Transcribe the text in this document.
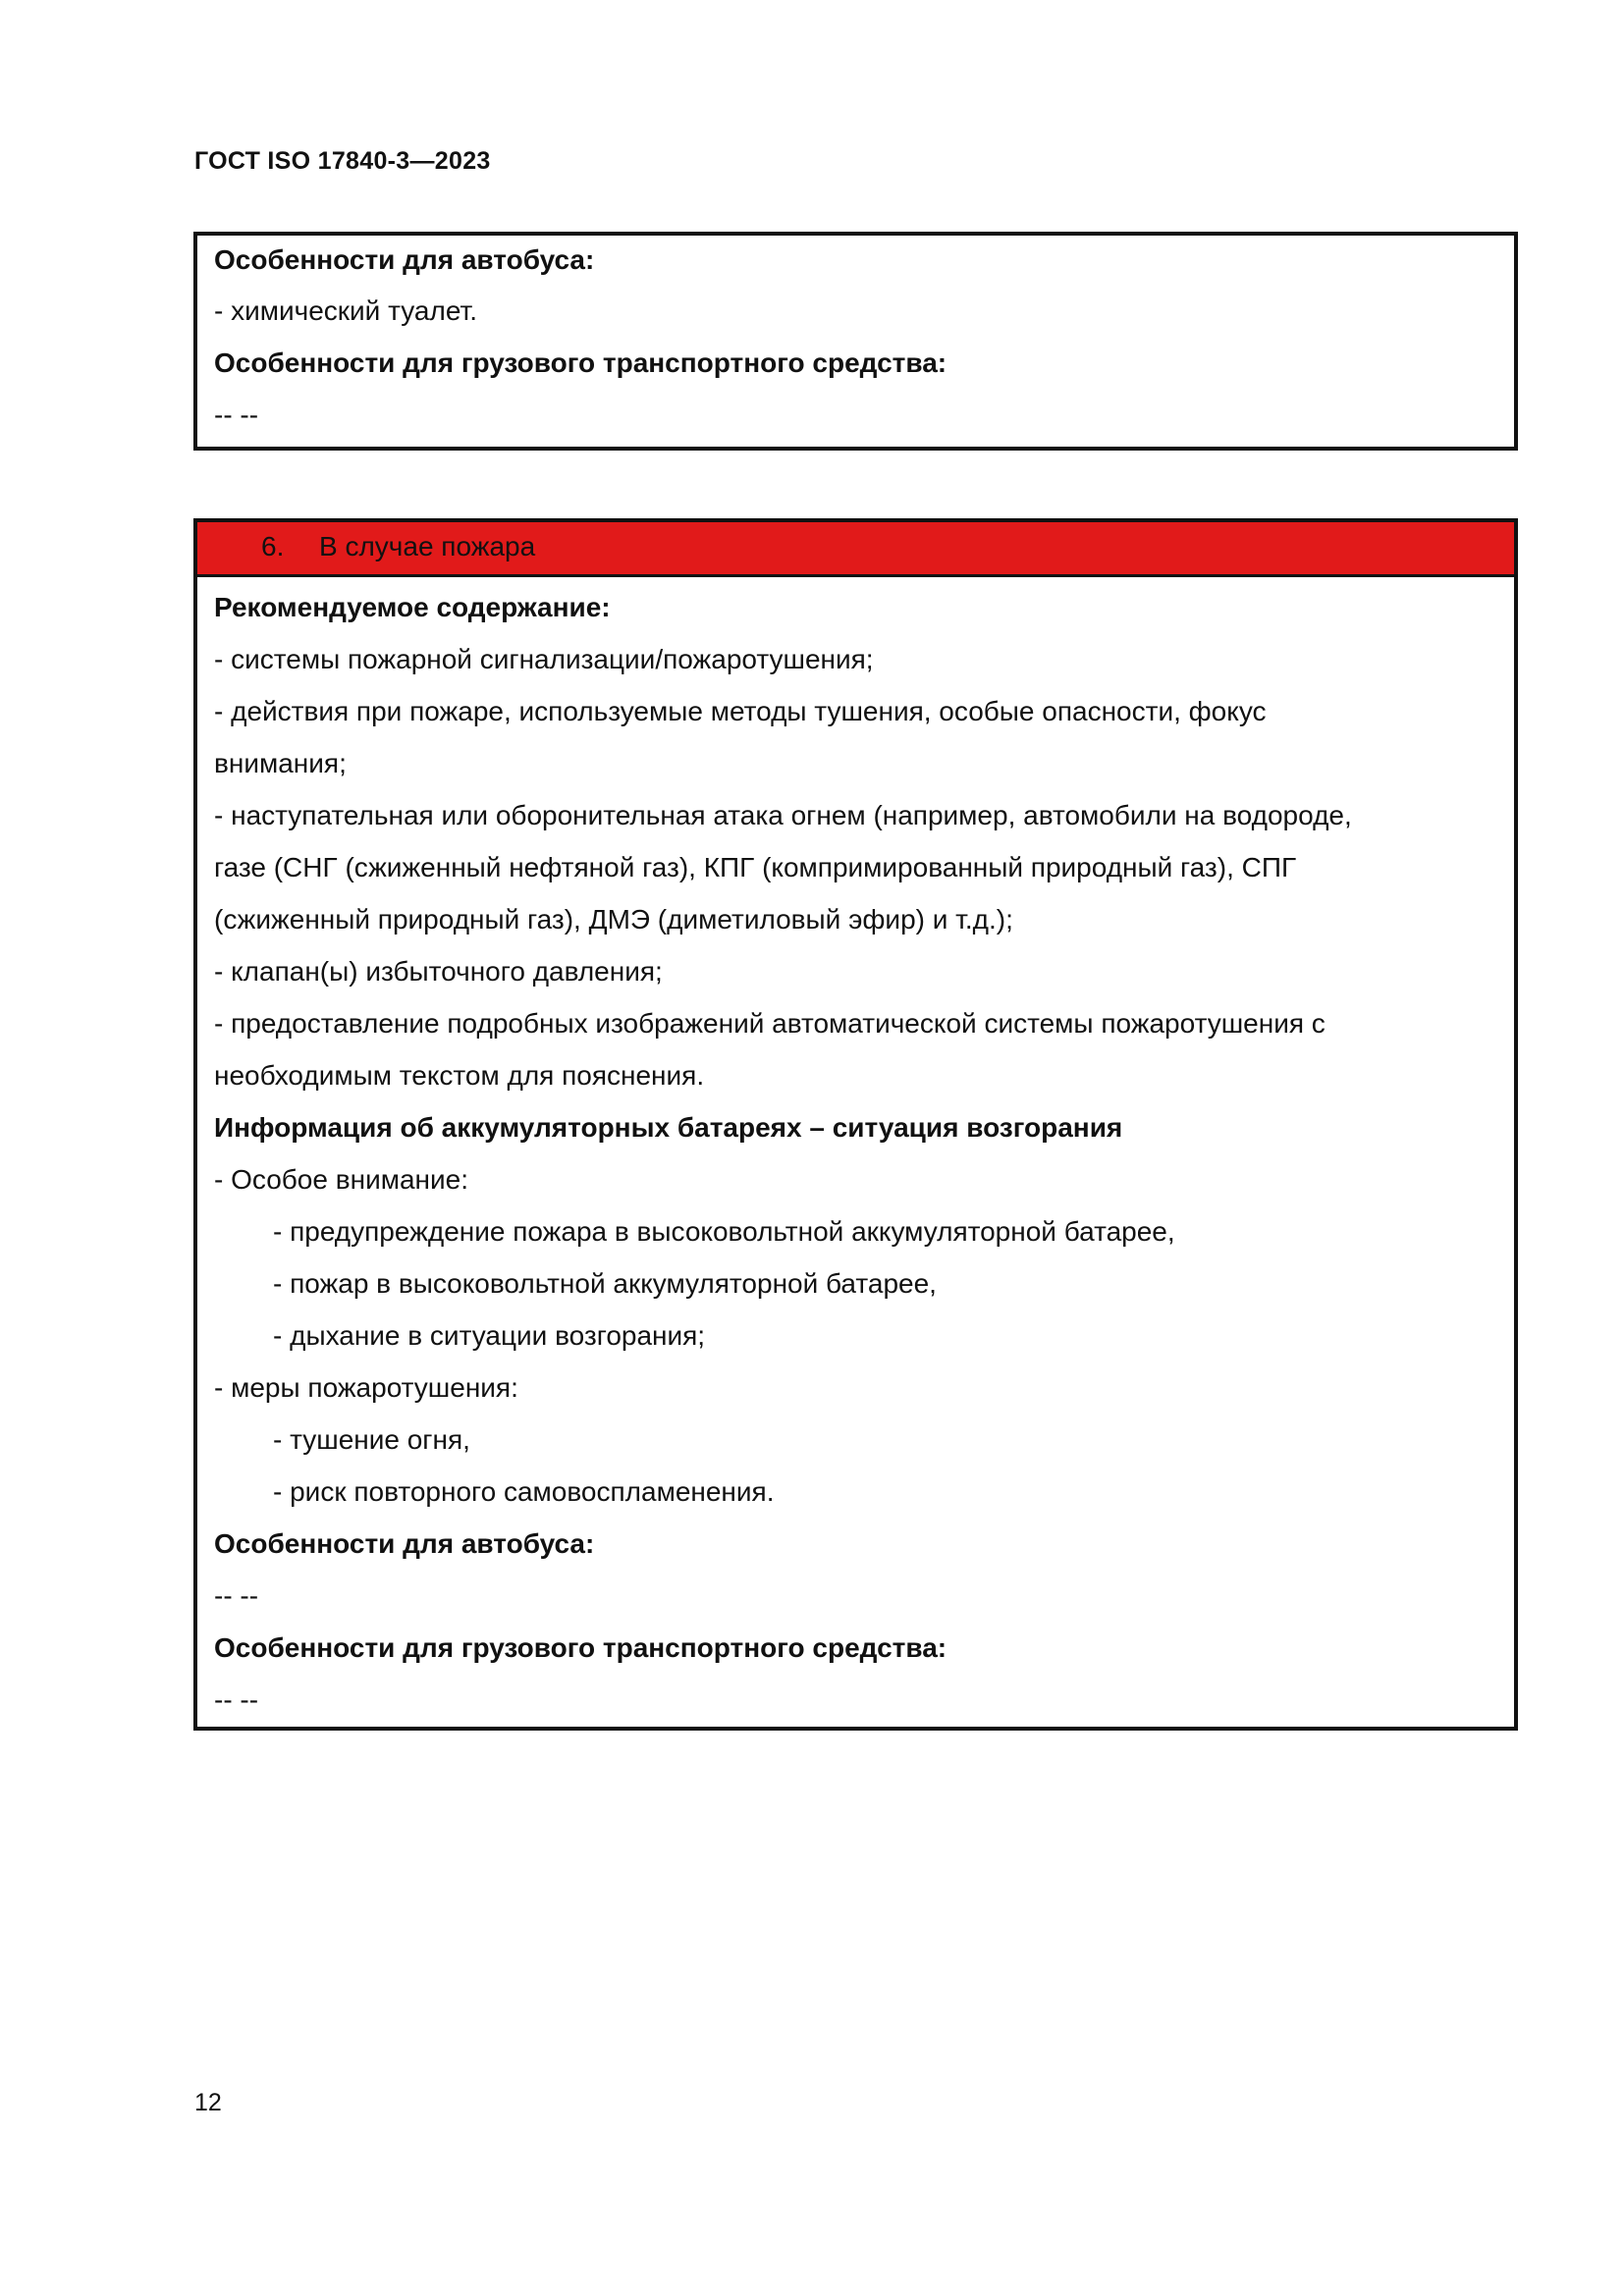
ГОСТ ISO 17840-3—2023
Особенности для автобуса:
- химический туалет.
Особенности для грузового транспортного средства:
-- --
6. В случае пожара
Рекомендуемое содержание:
- системы пожарной сигнализации/пожаротушения;
- действия при пожаре, используемые методы тушения, особые опасности, фокус
внимания;
- наступательная или оборонительная атака огнем (например, автомобили на водороде,
газе (СНГ (сжиженный нефтяной газ), КПГ (компримированный природный газ), СПГ
(сжиженный природный газ), ДМЭ (диметиловый эфир) и т.д.);
- клапан(ы) избыточного давления;
- предоставление подробных изображений автоматической системы пожаротушения с
необходимым текстом для пояснения.
Информация об аккумуляторных батареях – ситуация возгорания
- Особое внимание:
- предупреждение пожара в высоковольтной аккумуляторной батарее,
- пожар в высоковольтной аккумуляторной батарее,
- дыхание в ситуации возгорания;
- меры пожаротушения:
- тушение огня,
- риск повторного самовоспламенения.
Особенности для автобуса:
-- --
Особенности для грузового транспортного средства:
-- --
12
